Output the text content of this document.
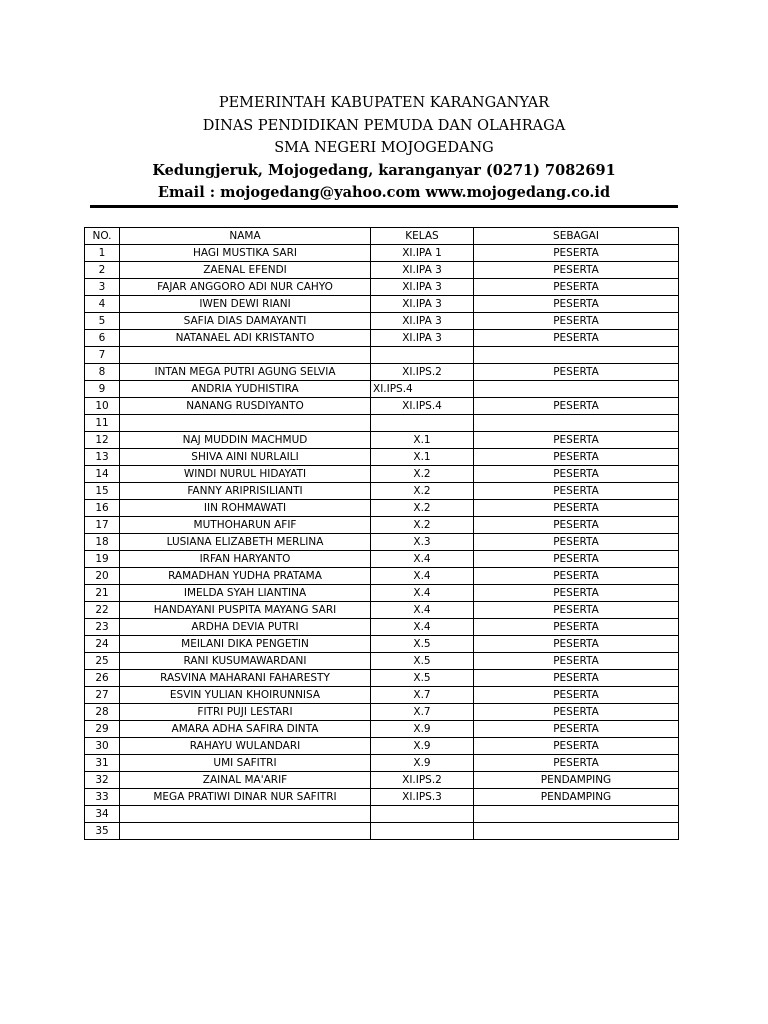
PEMERINTAH KABUPATEN KARANGANYAR
DINAS PENDIDIKAN PEMUDA DAN OLAHRAGA
SMA NEGERI MOJOGEDANG
Kedungjeruk, Mojogedang, karanganyar (0271) 7082691
Email : mojogedang@yahoo.com www.mojogedang.co.id
NO.	NAMA	KELAS	SEBAGAI
1	HAGI MUSTIKA SARI	XI.IPA 1	PESERTA
2	ZAENAL EFENDI	XI.IPA 3	PESERTA
3	FAJAR ANGGORO ADI NUR CAHYO	XI.IPA 3	PESERTA
4	IWEN DEWI RIANI	XI.IPA 3	PESERTA
5	SAFIA DIAS DAMAYANTI	XI.IPA 3	PESERTA
6	NATANAEL ADI KRISTANTO	XI.IPA 3	PESERTA
7			
8	INTAN MEGA PUTRI AGUNG SELVIA	XI.IPS.2	PESERTA
9	ANDRIA YUDHISTIRA	XI.IPS.4	
10	NANANG RUSDIYANTO	XI.IPS.4	PESERTA
11			
12	NAJ MUDDIN MACHMUD	X.1	PESERTA
13	SHIVA AINI NURLAILI	X.1	PESERTA
14	WINDI NURUL HIDAYATI	X.2	PESERTA
15	FANNY ARIPRISILIANTI	X.2	PESERTA
16	IIN ROHMAWATI	X.2	PESERTA
17	MUTHOHARUN AFIF	X.2	PESERTA
18	LUSIANA ELIZABETH MERLINA	X.3	PESERTA
19	IRFAN HARYANTO	X.4	PESERTA
20	RAMADHAN YUDHA PRATAMA	X.4	PESERTA
21	IMELDA SYAH LIANTINA	X.4	PESERTA
22	HANDAYANI PUSPITA MAYANG SARI	X.4	PESERTA
23	ARDHA DEVIA PUTRI	X.4	PESERTA
24	MEILANI DIKA PENGETIN	X.5	PESERTA
25	RANI KUSUMAWARDANI	X.5	PESERTA
26	RASVINA MAHARANI FAHARESTY	X.5	PESERTA
27	ESVIN YULIAN KHOIRUNNISA	X.7	PESERTA
28	FITRI PUJI LESTARI	X.7	PESERTA
29	AMARA ADHA SAFIRA DINTA	X.9	PESERTA
30	RAHAYU WULANDARI	X.9	PESERTA
31	UMI SAFITRI	X.9	PESERTA
32	ZAINAL MA'ARIF	XI.IPS.2	PENDAMPING
33	MEGA PRATIWI DINAR NUR SAFITRI	XI.IPS.3	PENDAMPING
34			
35			
